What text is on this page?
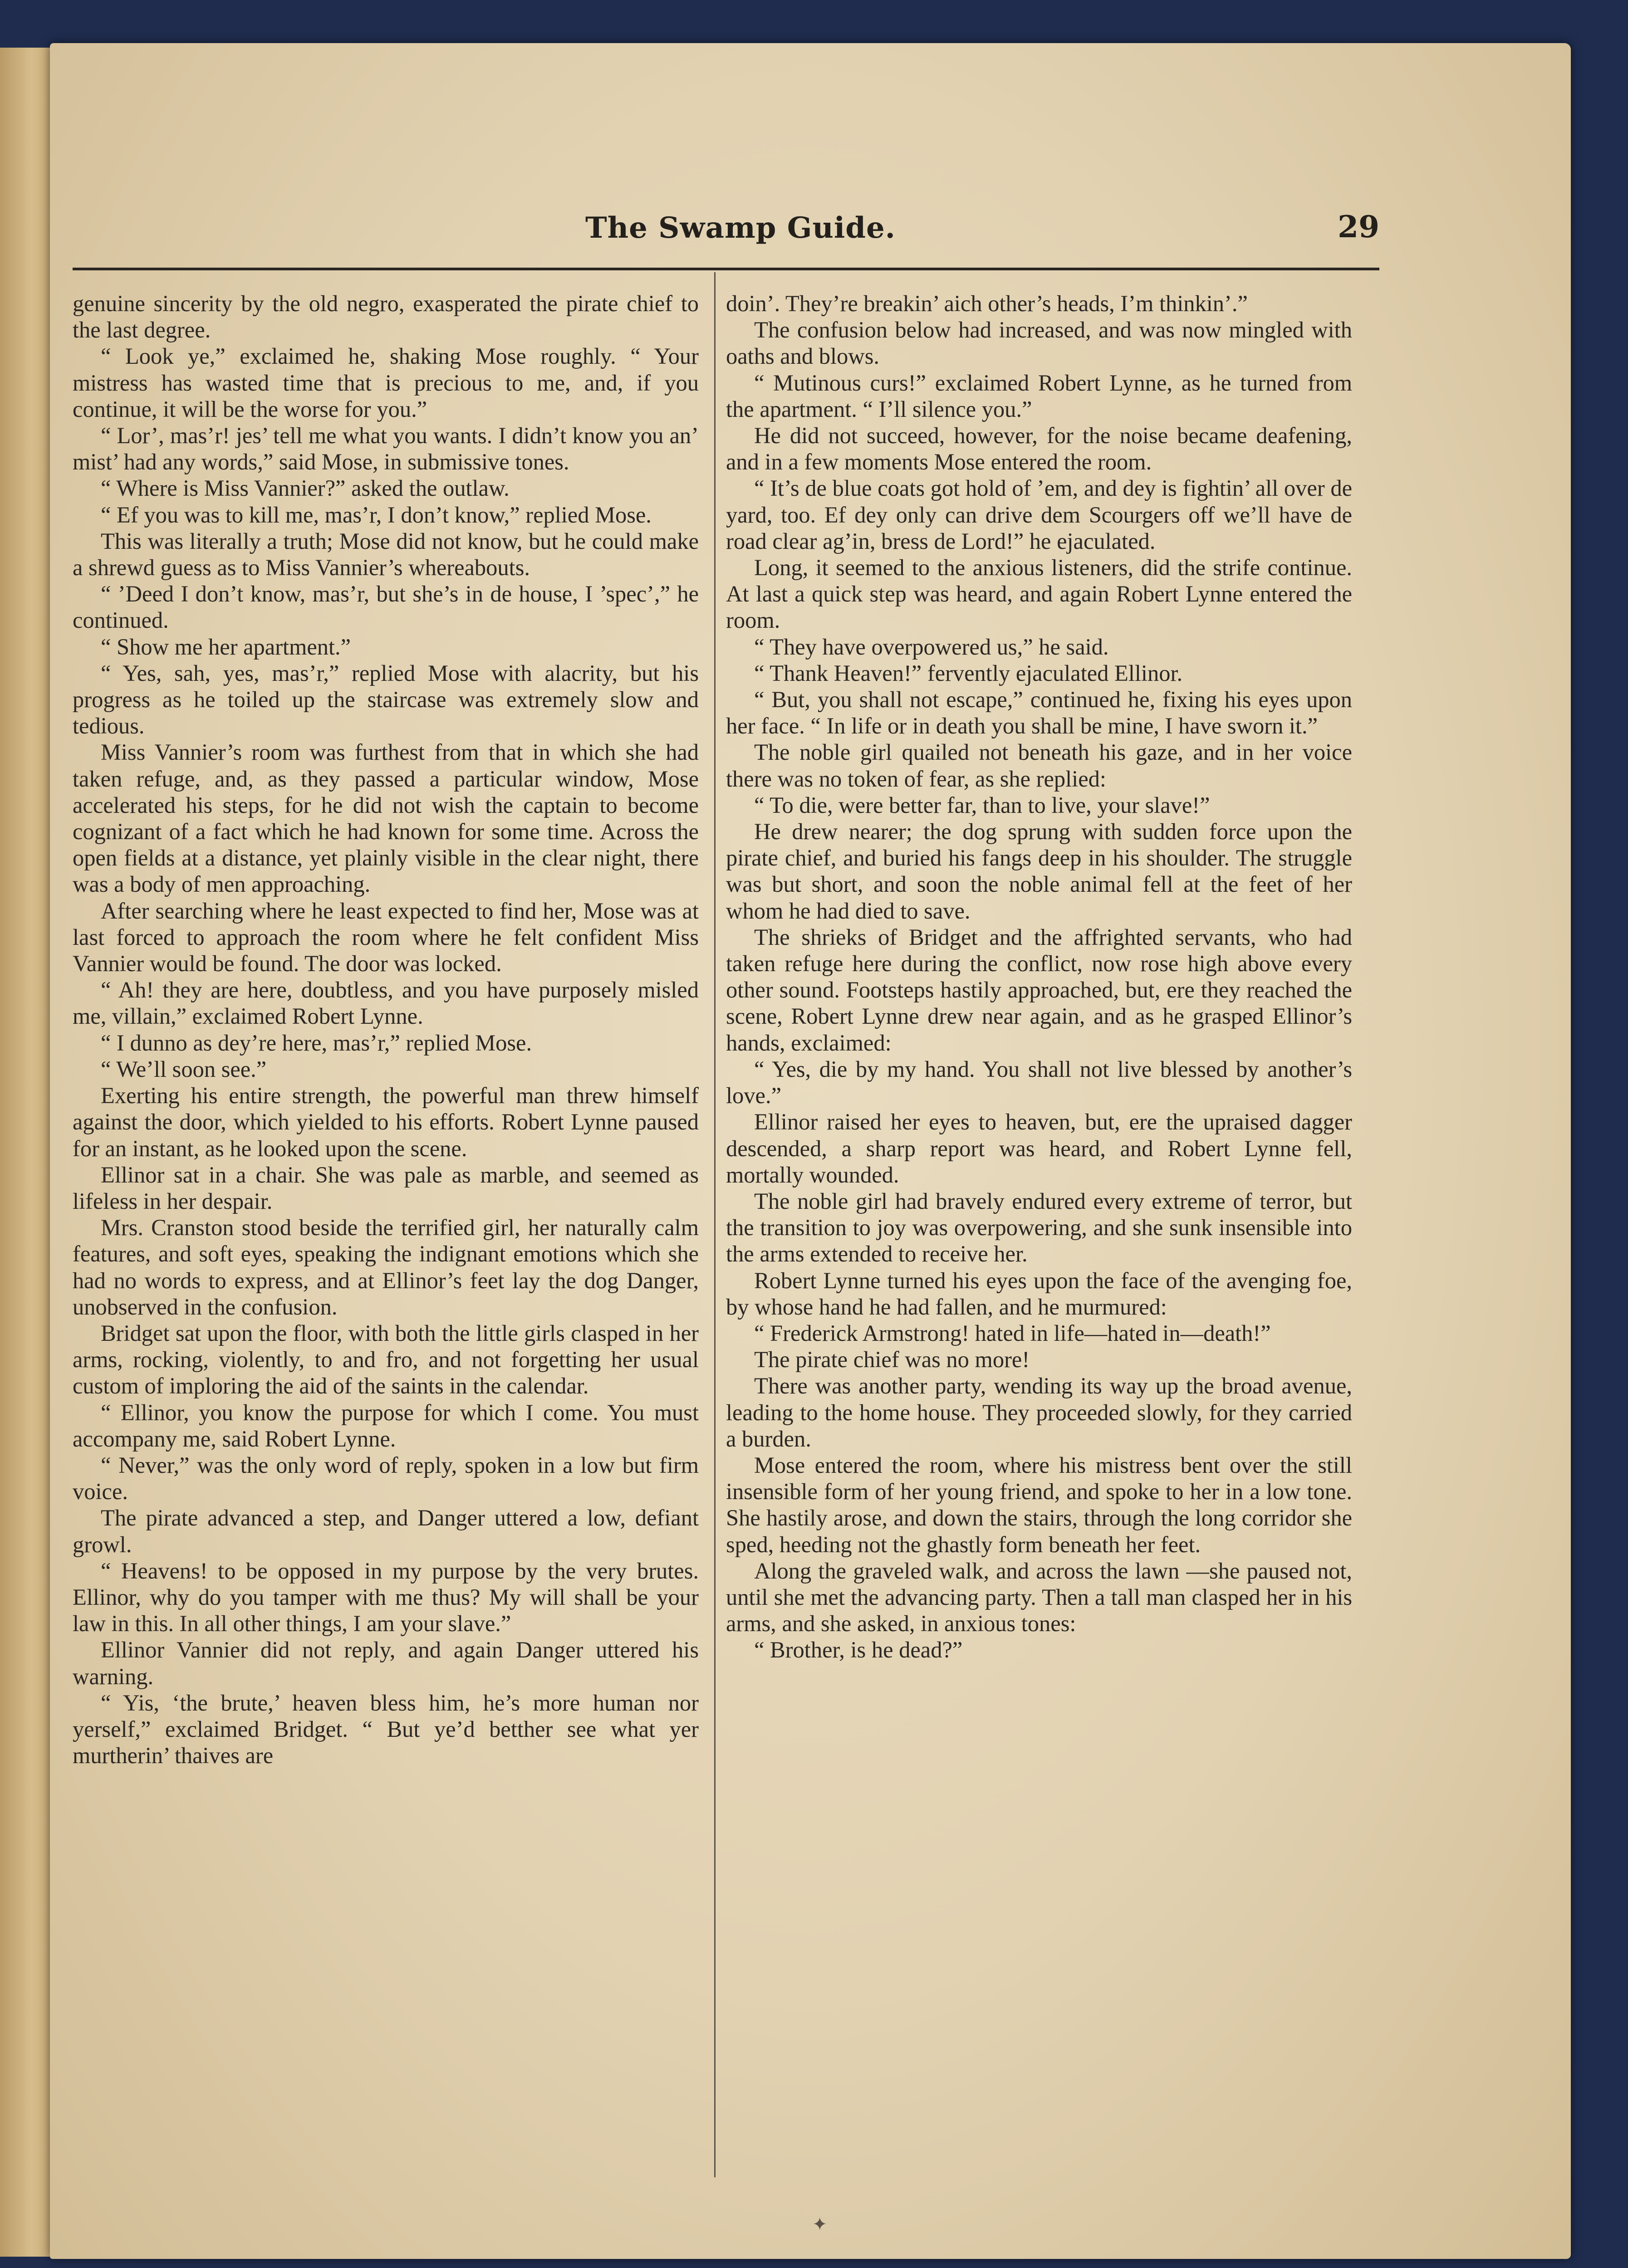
The Swamp Guide.	29

genuine sincerity by the old negro, exasperated the pirate chief to the last degree.

“ Look ye,” exclaimed he, shaking Mose roughly. “ Your mistress has wasted time that is precious to me, and, if you continue, it will be the worse for you.”

“ Lor’, mas’r! jes’ tell me what you wants. I didn’t know you an’ mist’ had any words,” said Mose, in submissive tones.

“ Where is Miss Vannier?” asked the outlaw.

“ Ef you was to kill me, mas’r, I don’t know,” replied Mose.

This was literally a truth; Mose did not know, but he could make a shrewd guess as to Miss Vannier’s whereabouts.

“ ’Deed I don’t know, mas’r, but she’s in de house, I ’spec’,” he continued.

“ Show me her apartment.”

“ Yes, sah, yes, mas’r,” replied Mose with alacrity, but his progress as he toiled up the staircase was extremely slow and tedious.

Miss Vannier’s room was furthest from that in which she had taken refuge, and, as they passed a particular window, Mose accelerated his steps, for he did not wish the captain to become cognizant of a fact which he had known for some time. Across the open fields at a distance, yet plainly visible in the clear night, there was a body of men approaching.

After searching where he least expected to find her, Mose was at last forced to approach the room where he felt confident Miss Vannier would be found. The door was locked.

“ Ah! they are here, doubtless, and you have purposely misled me, villain,” exclaimed Robert Lynne.

“ I dunno as dey’re here, mas’r,” replied Mose.

“ We’ll soon see.”

Exerting his entire strength, the powerful man threw himself against the door, which yielded to his efforts. Robert Lynne paused for an instant, as he looked upon the scene.

Ellinor sat in a chair. She was pale as marble, and seemed as lifeless in her despair.

Mrs. Cranston stood beside the terrified girl, her naturally calm features, and soft eyes, speaking the indignant emotions which she had no words to express, and at Ellinor’s feet lay the dog Danger, unobserved in the confusion.

Bridget sat upon the floor, with both the little girls clasped in her arms, rocking, violently, to and fro, and not forgetting her usual custom of imploring the aid of the saints in the calendar.

“ Ellinor, you know the purpose for which I come. You must accompany me, said Robert Lynne.

“ Never,” was the only word of reply, spoken in a low but firm voice.

The pirate advanced a step, and Danger uttered a low, defiant growl.

“ Heavens! to be opposed in my purpose by the very brutes. Ellinor, why do you tamper with me thus? My will shall be your law in this. In all other things, I am your slave.”

Ellinor Vannier did not reply, and again Danger uttered his warning.

“ Yis, ‘the brute,’ heaven bless him, he’s more human nor yerself,” exclaimed Bridget. “ But ye’d betther see what yer murtherin’ thaives are

doin’. They’re breakin’ aich other’s heads, I’m thinkin’.”

The confusion below had increased, and was now mingled with oaths and blows.

“ Mutinous curs!” exclaimed Robert Lynne, as he turned from the apartment. “ I’ll silence you.”

He did not succeed, however, for the noise became deafening, and in a few moments Mose entered the room.

“ It’s de blue coats got hold of ’em, and dey is fightin’ all over de yard, too. Ef dey only can drive dem Scourgers off we’ll have de road clear ag’in, bress de Lord!” he ejaculated.

Long, it seemed to the anxious listeners, did the strife continue. At last a quick step was heard, and again Robert Lynne entered the room.

“ They have overpowered us,” he said.

“ Thank Heaven!” fervently ejaculated Ellinor.

“ But, you shall not escape,” continued he, fixing his eyes upon her face. “ In life or in death you shall be mine, I have sworn it.”

The noble girl quailed not beneath his gaze, and in her voice there was no token of fear, as she replied:

“ To die, were better far, than to live, your slave!”

He drew nearer; the dog sprung with sudden force upon the pirate chief, and buried his fangs deep in his shoulder. The struggle was but short, and soon the noble animal fell at the feet of her whom he had died to save.

The shrieks of Bridget and the affrighted servants, who had taken refuge here during the conflict, now rose high above every other sound. Footsteps hastily approached, but, ere they reached the scene, Robert Lynne drew near again, and as he grasped Ellinor’s hands, exclaimed:

“ Yes, die by my hand. You shall not live blessed by another’s love.”

Ellinor raised her eyes to heaven, but, ere the upraised dagger descended, a sharp report was heard, and Robert Lynne fell, mortally wounded.

The noble girl had bravely endured every extreme of terror, but the transition to joy was overpowering, and she sunk insensible into the arms extended to receive her.

Robert Lynne turned his eyes upon the face of the avenging foe, by whose hand he had fallen, and he murmured:

“ Frederick Armstrong! hated in life—hated in—death!”

The pirate chief was no more!

There was another party, wending its way up the broad avenue, leading to the home house. They proceeded slowly, for they carried a burden.

Mose entered the room, where his mistress bent over the still insensible form of her young friend, and spoke to her in a low tone. She hastily arose, and down the stairs, through the long corridor she sped, heeding not the ghastly form beneath her feet.

Along the graveled walk, and across the lawn —she paused not, until she met the advancing party. Then a tall man clasped her in his arms, and she asked, in anxious tones:

“ Brother, is he dead?”

✦
